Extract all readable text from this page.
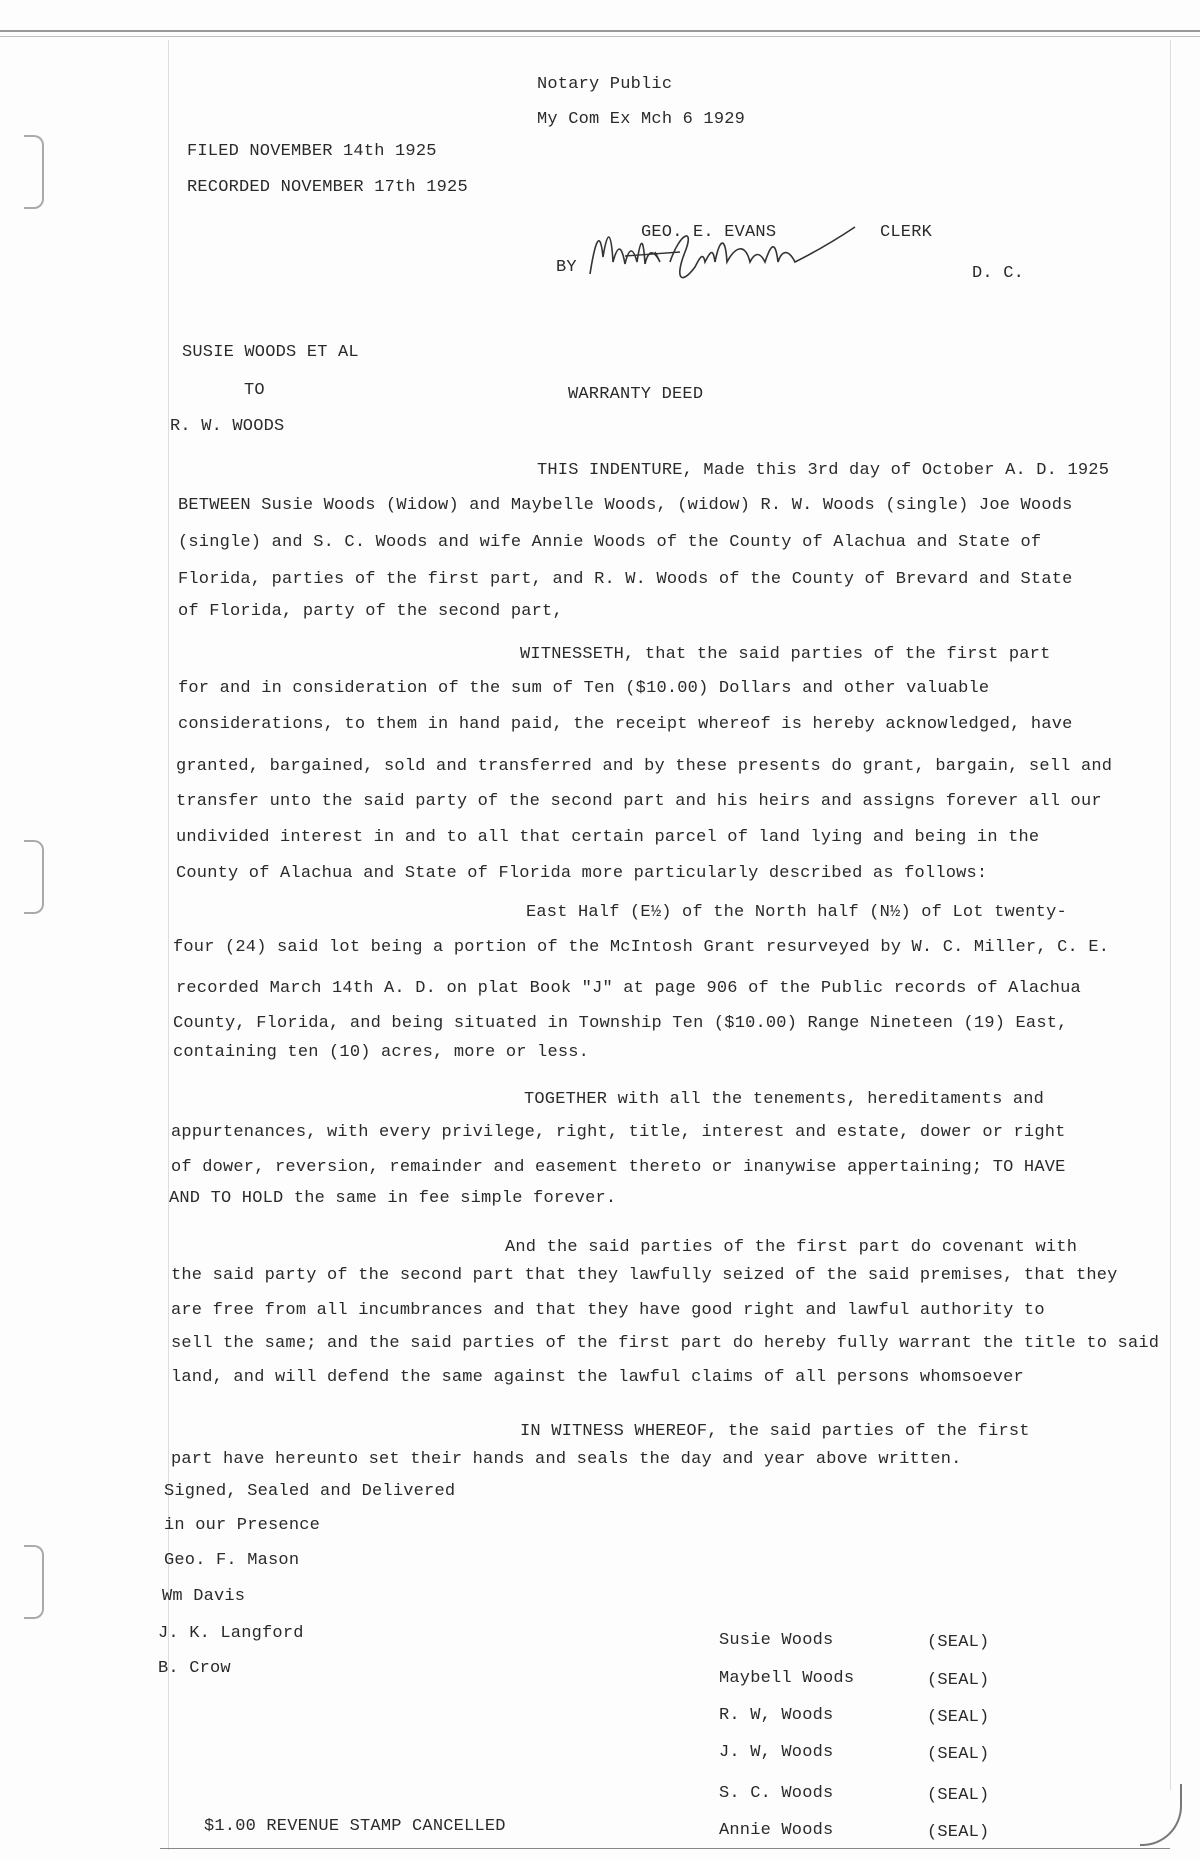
Notary Public
My Com Ex Mch 6 1929
FILED NOVEMBER 14th 1925
RECORDED NOVEMBER 17th 1925
GEO. E. EVANS	CLERK
BY	D. C.
SUSIE WOODS ET AL
TO	WARRANTY DEED
R. W. WOODS
THIS INDENTURE, Made this 3rd day of October A. D. 1925
BETWEEN Susie Woods (Widow) and Maybelle Woods, (widow) R. W. Woods (single) Joe Woods
(single) and S. C. Woods and wife Annie Woods of the County of Alachua and State of
Florida, parties of the first part, and R. W. Woods of the County of Brevard and State
of Florida, party of the second part,
WITNESSETH, that the said parties of the first part
for and in consideration of the sum of Ten ($10.00) Dollars and other valuable
considerations, to them in hand paid, the receipt whereof is hereby acknowledged, have
granted, bargained, sold and transferred and by these presents do grant, bargain, sell and
transfer unto the said party of the second part and his heirs and assigns forever all our
undivided interest in and to all that certain parcel of land lying and being in the
County of Alachua and State of Florida more particularly described as follows:
East Half (E½) of the North half (N½) of Lot twenty-
four (24) said lot being a portion of the McIntosh Grant resurveyed by W. C. Miller, C. E.
recorded March 14th A. D. on plat Book "J" at page 906 of the Public records of Alachua
County, Florida, and being situated in Township Ten ($10.00) Range Nineteen (19) East,
containing ten (10) acres, more or less.
TOGETHER with all the tenements, hereditaments and
appurtenances, with every privilege, right, title, interest and estate, dower or right
of dower, reversion, remainder and easement thereto or inanywise appertaining; TO HAVE
AND TO HOLD the same in fee simple forever.
And the said parties of the first part do covenant with
the said party of the second part that they lawfully seized of the said premises, that they
are free from all incumbrances and that they have good right and lawful authority to
sell the same; and the said parties of the first part do hereby fully warrant the title to said
land, and will defend the same against the lawful claims of all persons whomsoever
IN WITNESS WHEREOF, the said parties of the first
part have hereunto set their hands and seals the day and year above written.
Signed, Sealed and Delivered
in our Presence
Geo. F. Mason
Wm Davis
J. K. Langford
B. Crow
Susie Woods	(SEAL)
Maybell Woods	(SEAL)
R. W, Woods	(SEAL)
J. W, Woods	(SEAL)
S. C. Woods	(SEAL)
Annie Woods	(SEAL)
$1.00 REVENUE STAMP CANCELLED
